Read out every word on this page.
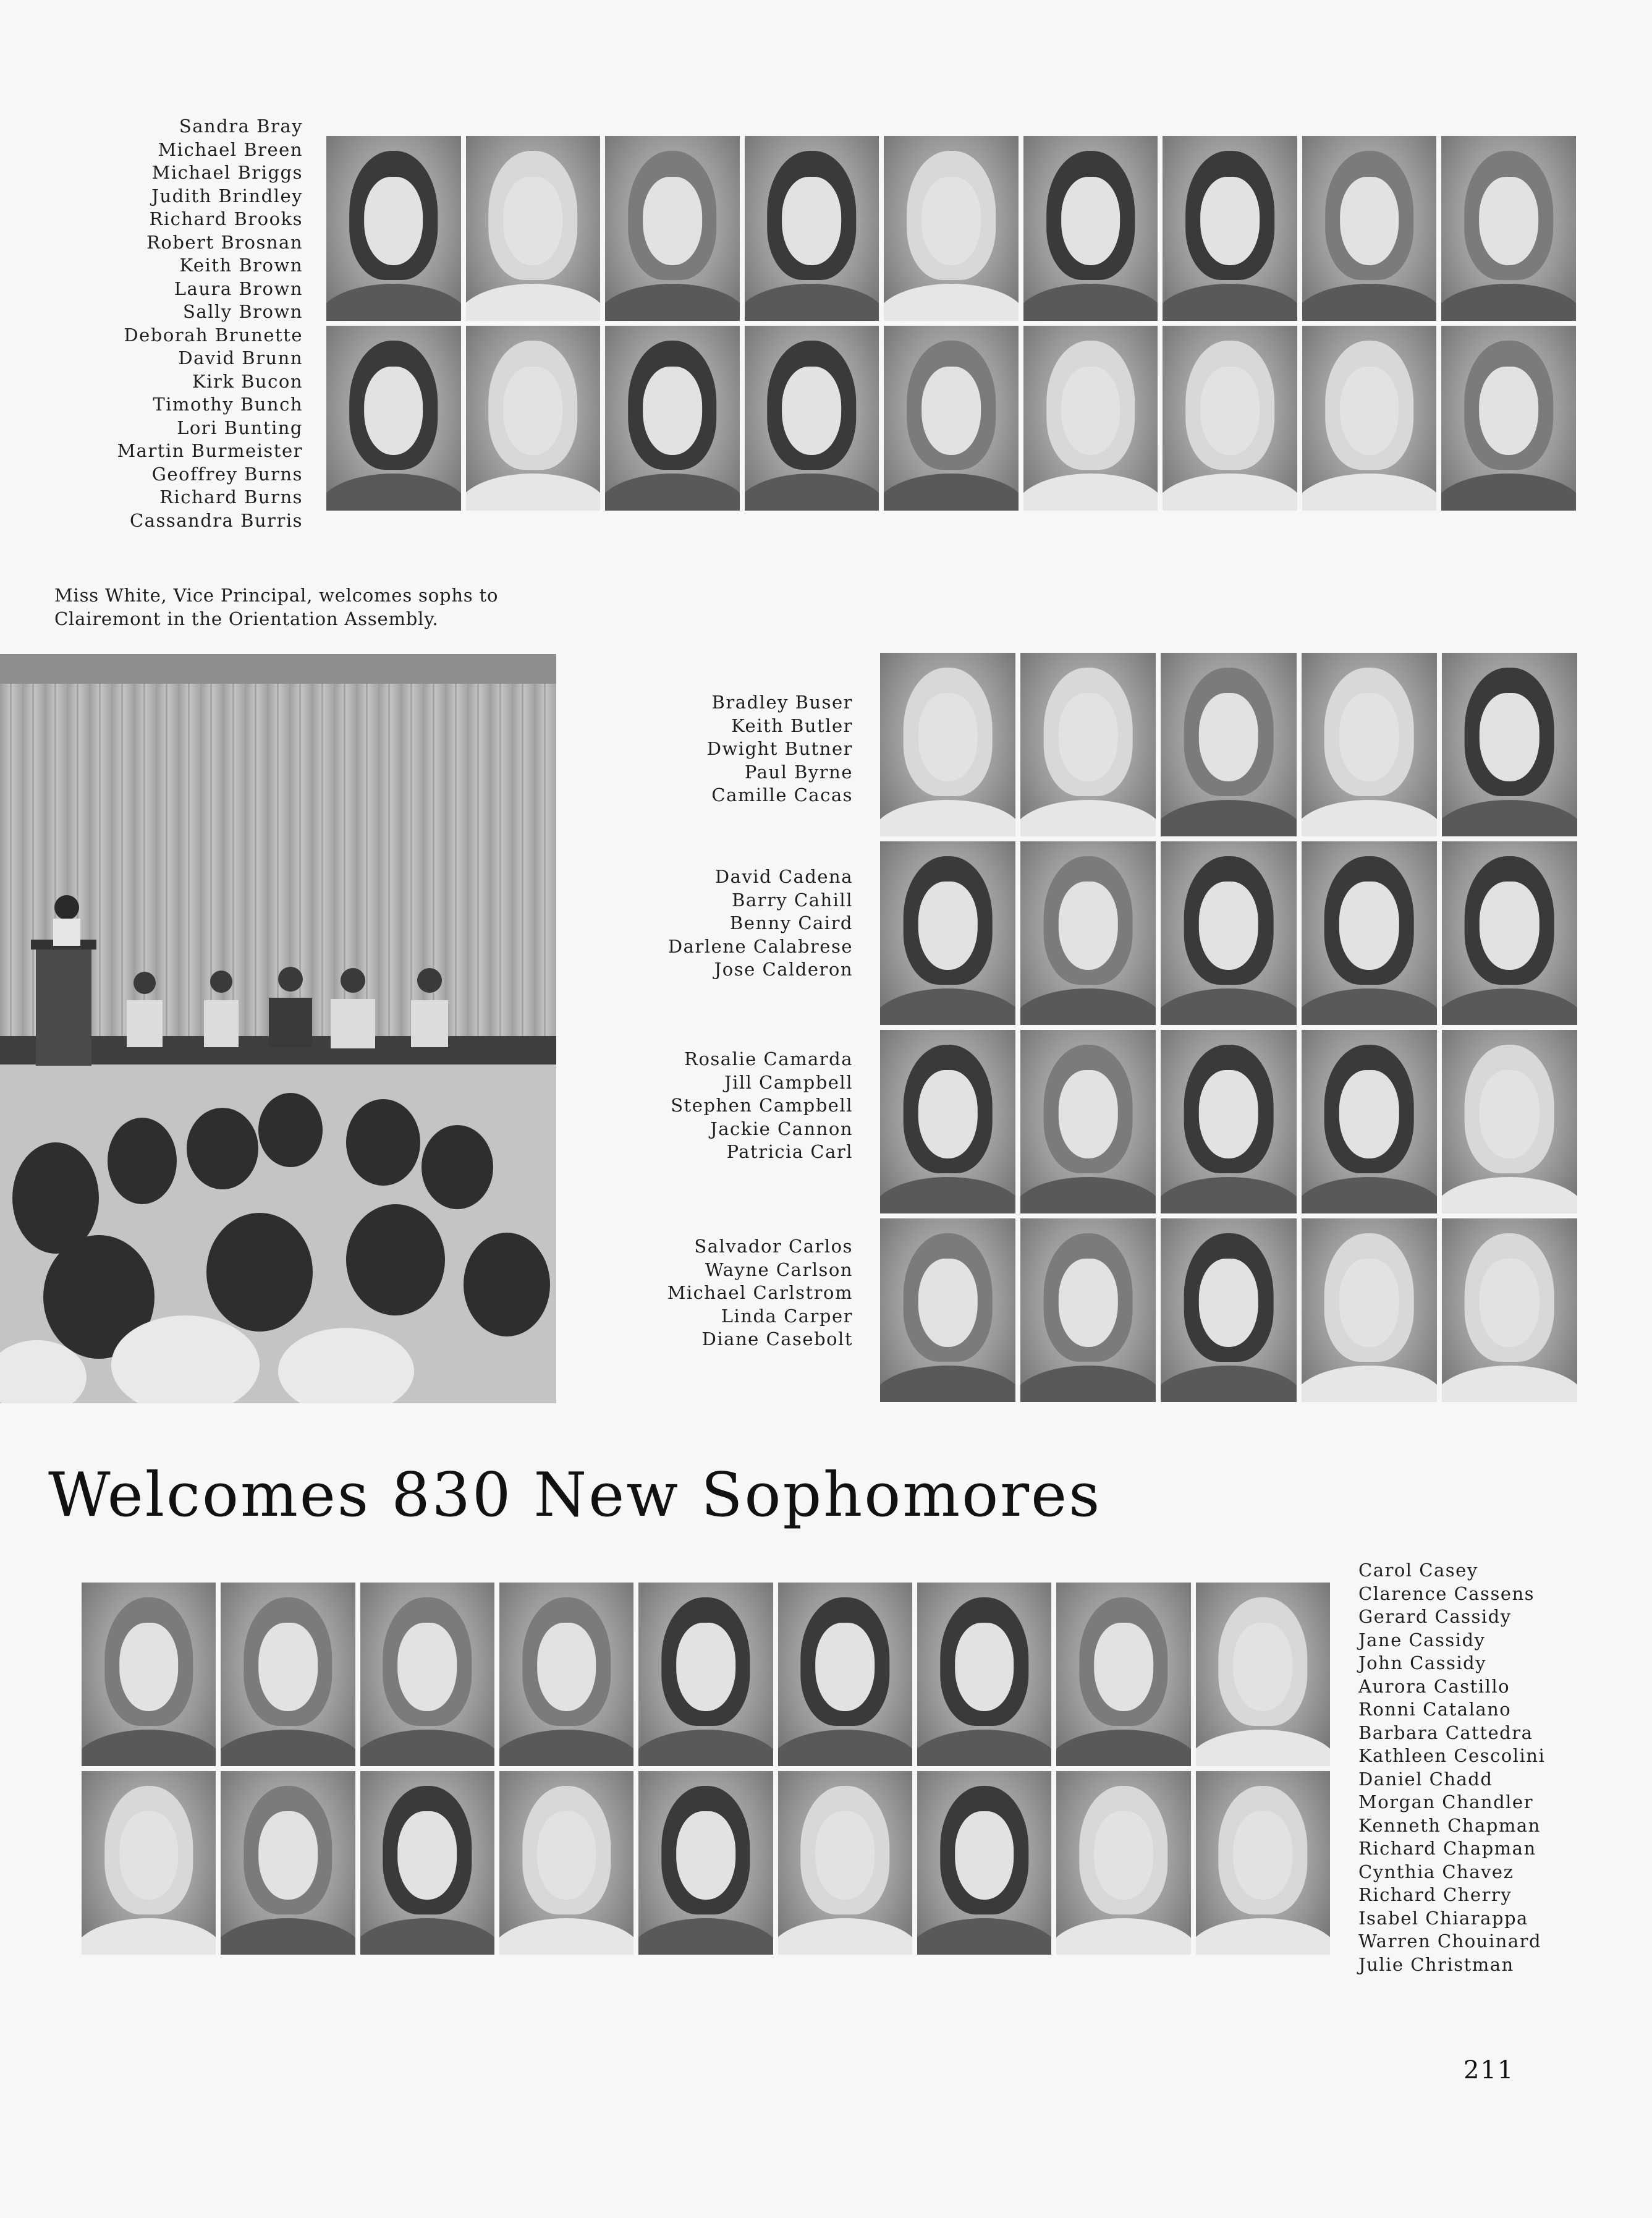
Sandra Bray
Michael Breen
Michael Briggs
Judith Brindley
Richard Brooks
Robert Brosnan
Keith Brown
Laura Brown
Sally Brown
Deborah Brunette
David Brunn
Kirk Bucon
Timothy Bunch
Lori Bunting
Martin Burmeister
Geoffrey Burns
Richard Burns
Cassandra Burris

Miss White, Vice Principal, welcomes sophs to Clairemont in the Orientation Assembly.

Bradley Buser
Keith Butler
Dwight Butner
Paul Byrne
Camille Cacas
David Cadena
Barry Cahill
Benny Caird
Darlene Calabrese
Jose Calderon
Rosalie Camarda
Jill Campbell
Stephen Campbell
Jackie Cannon
Patricia Carl
Salvador Carlos
Wayne Carlson
Michael Carlstrom
Linda Carper
Diane Casebolt
Welcomes 830 New Sophomores
Carol Casey
Clarence Cassens
Gerard Cassidy
Jane Cassidy
John Cassidy
Aurora Castillo
Ronni Catalano
Barbara Cattedra
Kathleen Cescolini
Daniel Chadd
Morgan Chandler
Kenneth Chapman
Richard Chapman
Cynthia Chavez
Richard Cherry
Isabel Chiarappa
Warren Chouinard
Julie Christman

211
